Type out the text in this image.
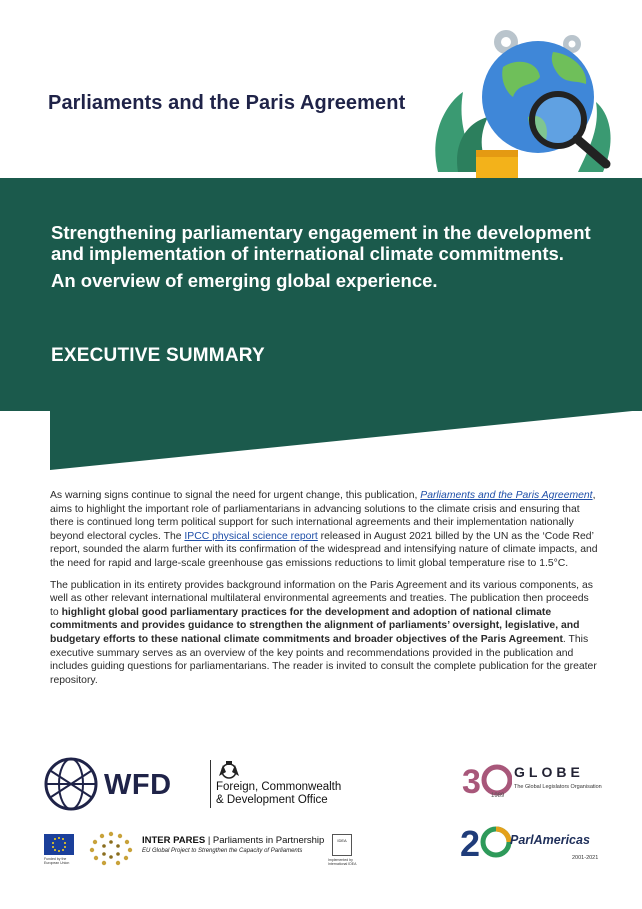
Parliaments and the Paris Agreement

Strengthening parliamentary engagement in the development and implementation of international climate commitments.

An overview of emerging global experience.

EXECUTIVE SUMMARY

As warning signs continue to signal the need for urgent change, this publication, Parliaments and the Paris Agreement, aims to highlight the important role of parliamentarians in advancing solutions to the climate crisis and ensuring that there is continued long term political support for such international agreements and their implementation nationally beyond electoral cycles. The IPCC physical science report released in August 2021 billed by the UN as the ‘Code Red’ report, sounded the alarm further with its confirmation of the widespread and intensifying nature of climate impacts, and the need for rapid and large-scale greenhouse gas emissions reductions to limit global temperature rise to 1.5°C.

The publication in its entirety provides background information on the Paris Agreement and its various components, as well as other relevant international multilateral environmental agreements and treaties. The publication then proceeds to highlight global good parliamentary practices for the development and adoption of national climate commitments and provides guidance to strengthen the alignment of parliaments’ oversight, legislative, and budgetary efforts to these national climate commitments and broader objectives of the Paris Agreement. This executive summary serves as an overview of the key points and recommendations provided in the publication and includes guiding questions for parliamentarians. The reader is invited to consult the complete publication for the greater repository.

WFD	Foreign, Commonwealth
& Development Office	3 1989
GLOBE
The Global Legislators Organisation
2 ParlAmericas
2001-2021
Funded by the European Union
INTER PARES | Parliaments in Partnership
EU Global Project to Strengthen the Capacity of Parliaments
IDEA
Implemented by International IDEA
